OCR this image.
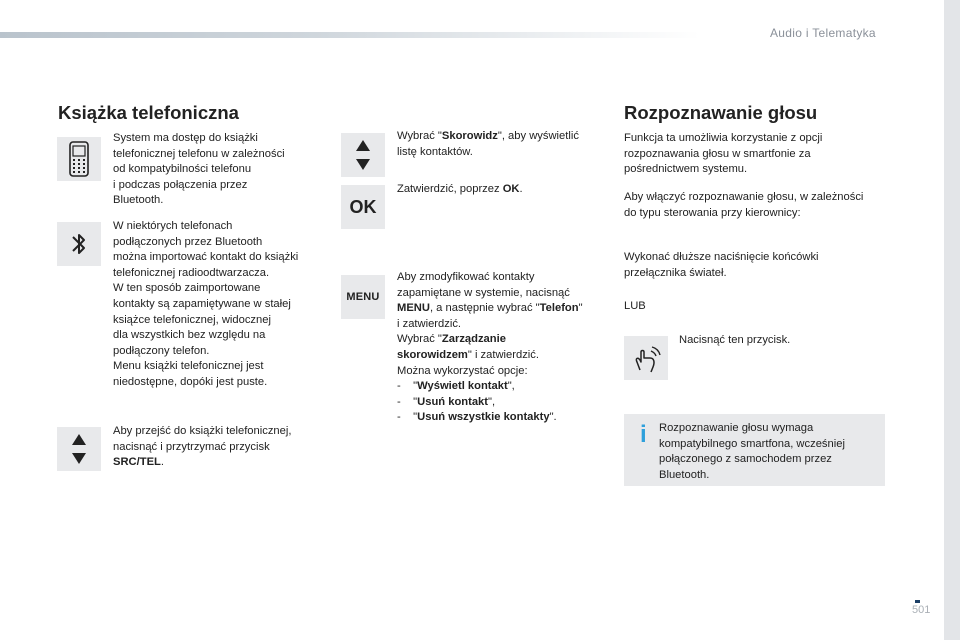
Audio i Telematyka
Książka telefoniczna
System ma dostęp do książki
telefonicznej telefonu w zależności
od kompatybilności telefonu
i podczas połączenia przez
Bluetooth.
W niektórych telefonach
podłączonych przez Bluetooth
można importować kontakt do książki
telefonicznej radioodtwarzacza.
W ten sposób zaimportowane
kontakty są zapamiętywane w stałej
książce telefonicznej, widocznej
dla wszystkich bez względu na
podłączony telefon.
Menu książki telefonicznej jest
niedostępne, dopóki jest puste.
Aby przejść do książki telefonicznej,
nacisnąć i przytrzymać przycisk
SRC/TEL.
Wybrać "Skorowidz", aby wyświetlić
listę kontaktów.
OK
Zatwierdzić, poprzez OK.
MENU
Aby zmodyfikować kontakty
zapamiętane w systemie, nacisnąć
MENU, a następnie wybrać "Telefon"
i zatwierdzić.
Wybrać "Zarządzanie
skorowidzem" i zatwierdzić.
Można wykorzystać opcje:
-    "Wyświetl kontakt",
-    "Usuń kontakt",
-    "Usuń wszystkie kontakty".
Rozpoznawanie głosu
Funkcja ta umożliwia korzystanie z opcji
rozpoznawania głosu w smartfonie za
pośrednictwem systemu.
Aby włączyć rozpoznawanie głosu, w zależności
do typu sterowania przy kierownicy:
Wykonać dłuższe naciśnięcie końcówki
przełącznika świateł.
LUB
Nacisnąć ten przycisk.
i Rozpoznawanie głosu wymaga
kompatybilnego smartfona, wcześniej
połączonego z samochodem przez
Bluetooth.
501
